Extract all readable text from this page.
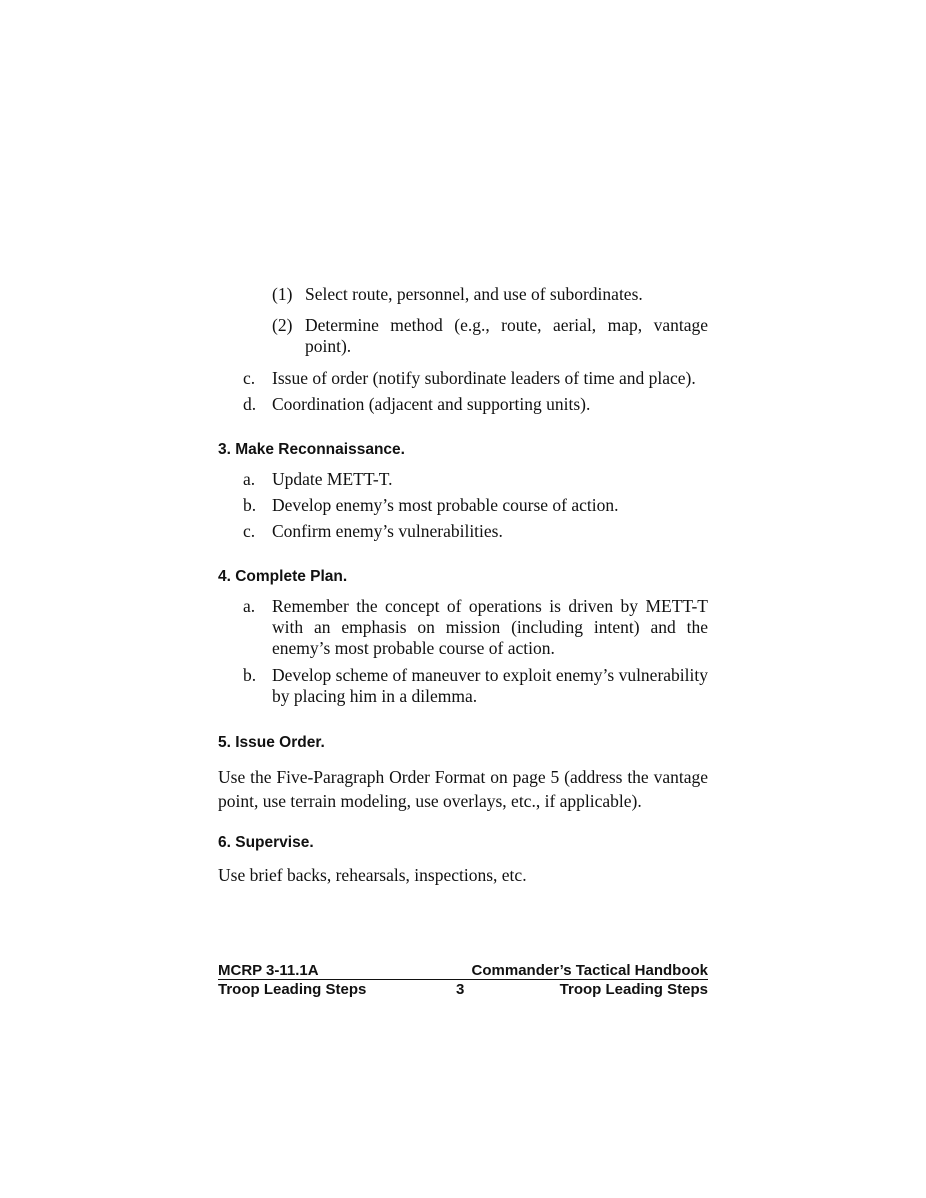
(1) Select route, personnel, and use of subordinates.
(2) Determine method (e.g., route, aerial, map, vantage point).
c. Issue of order (notify subordinate leaders of time and place).
d. Coordination (adjacent and supporting units).
3. Make Reconnaissance.
a. Update METT-T.
b. Develop enemy’s most probable course of action.
c. Confirm enemy’s vulnerabilities.
4. Complete Plan.
a. Remember the concept of operations is driven by METT-T with an emphasis on mission (including intent) and the enemy’s most probable course of action.
b. Develop scheme of maneuver to exploit enemy’s vulnerability by placing him in a dilemma.
5. Issue Order.
Use the Five-Paragraph Order Format on page 5 (address the vantage point, use terrain modeling, use overlays, etc., if applicable).
6. Supervise.
Use brief backs, rehearsals, inspections, etc.
MCRP 3-11.1A	Commander’s Tactical Handbook
Troop Leading Steps	3	Troop Leading Steps
